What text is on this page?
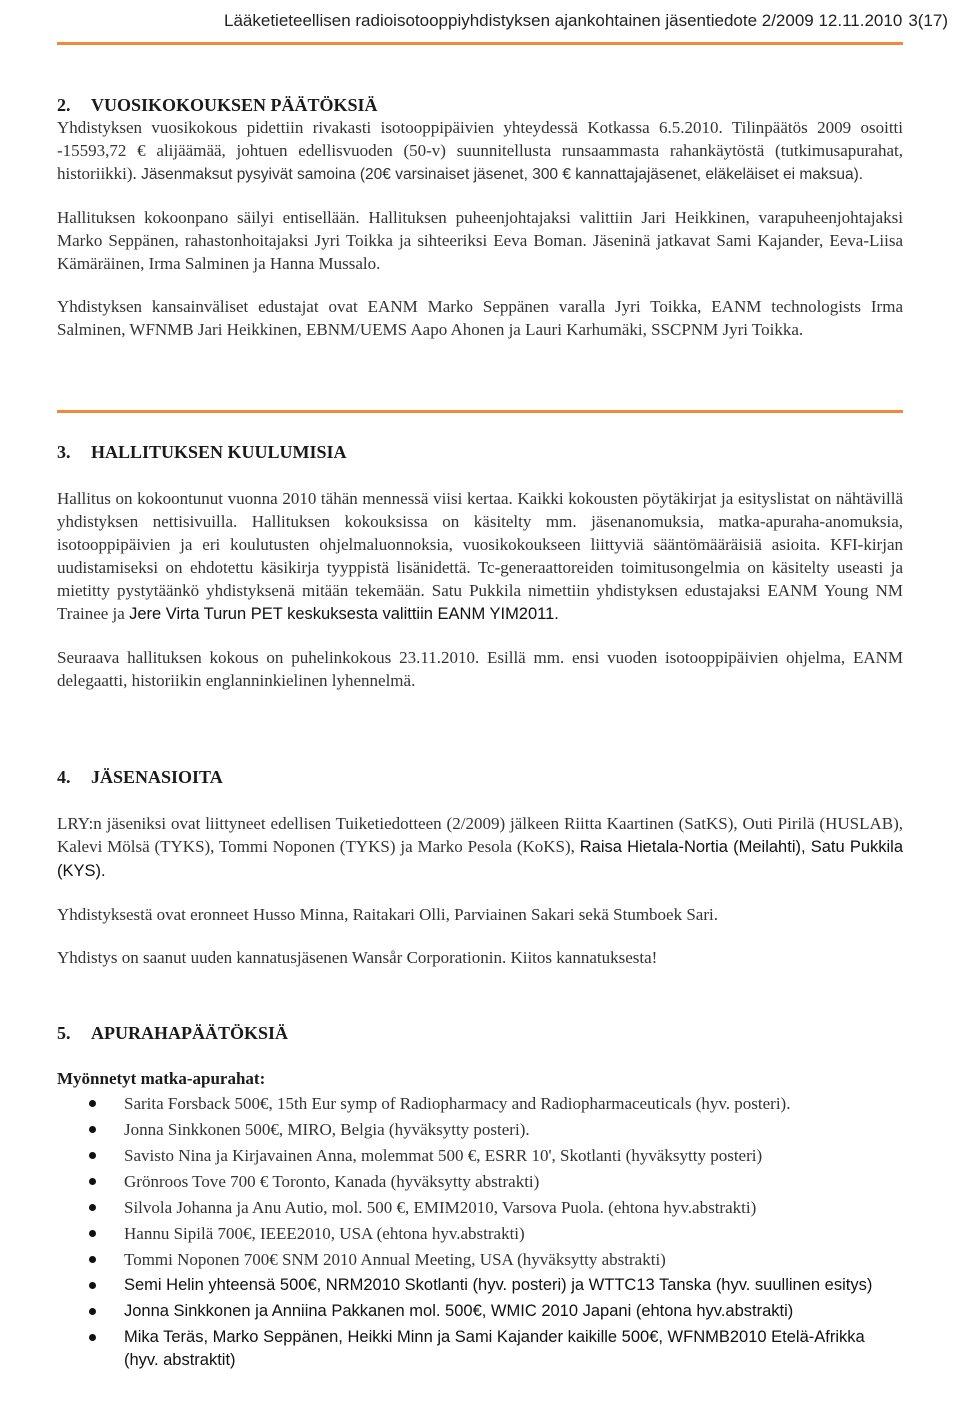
Lääketieteellisen radioisotooppiyhdistyksen ajankohtainen jäsentiedote 2/2009 12.11.2010 3(17)
2. VUOSIKOKOUKSEN PÄÄTÖKSIÄ

Yhdistyksen vuosikokous pidettiin rivakasti isotooppipäivien yhteydessä Kotkassa 6.5.2010. Tilinpäätös 2009 osoitti -15593,72 € alijäämää, johtuen edellisvuoden (50-v) suunnitellusta runsaammasta rahankäytöstä (tutkimusapurahat, historiikki). Jäsenmaksut pysyivät samoina (20€ varsinaiset jäsenet, 300 € kannattajajäsenet, eläkeläiset ei maksua).

Hallituksen kokoonpano säilyi entisellään. Hallituksen puheenjohtajaksi valittiin Jari Heikkinen, varapuheenjohtajaksi Marko Seppänen, rahastonhoitajaksi Jyri Toikka ja sihteeriksi Eeva Boman. Jäseninä jatkavat Sami Kajander, Eeva-Liisa Kämäräinen, Irma Salminen ja Hanna Mussalo.

Yhdistyksen kansainväliset edustajat ovat EANM Marko Seppänen varalla Jyri Toikka, EANM technologists Irma Salminen, WFNMB Jari Heikkinen, EBNM/UEMS Aapo Ahonen ja Lauri Karhumäki, SSCPNM Jyri Toikka.

3. HALLITUKSEN KUULUMISIA

Hallitus on kokoontunut vuonna 2010 tähän mennessä viisi kertaa. Kaikki kokousten pöytäkirjat ja esityslistat on nähtävillä yhdistyksen nettisivuilla. Hallituksen kokouksissa on käsitelty mm. jäsenanomuksia, matka-apuraha-anomuksia, isotooppipäivien ja eri koulutusten ohjelmaluonnoksia, vuosikokoukseen liittyviä sääntömääräisiä asioita. KFI-kirjan uudistamiseksi on ehdotettu käsikirja tyyppistä lisänidettä. Tc-generaattoreiden toimitusongelmia on käsitelty useasti ja mietitty pystytäänkö yhdistyksenä mitään tekemään. Satu Pukkila nimettiin yhdistyksen edustajaksi EANM Young NM Trainee ja Jere Virta Turun PET keskuksesta valittiin EANM YIM2011.

Seuraava hallituksen kokous on puhelinkokous 23.11.2010. Esillä mm. ensi vuoden isotooppipäivien ohjelma, EANM delegaatti, historiikin englanninkielinen lyhennelmä.

4. JÄSENASIOITA

LRY:n jäseniksi ovat liittyneet edellisen Tuiketiedotteen (2/2009) jälkeen Riitta Kaartinen (SatKS), Outi Pirilä (HUSLAB), Kalevi Mölsä (TYKS), Tommi Noponen (TYKS) ja Marko Pesola (KoKS), Raisa Hietala-Nortia (Meilahti), Satu Pukkila (KYS).

Yhdistyksestä ovat eronneet Husso Minna, Raitakari Olli, Parviainen Sakari sekä Stumboek Sari.

Yhdistys on saanut uuden kannatusjäsenen Wansår Corporationin. Kiitos kannatuksesta!

5. APURAHAPÄÄTÖKSIÄ

Myönnetyt matka-apurahat:

Sarita Forsback 500€, 15th Eur symp of Radiopharmacy and Radiopharmaceuticals (hyv. posteri).
Jonna Sinkkonen 500€, MIRO, Belgia (hyväksytty posteri).
Savisto Nina ja Kirjavainen Anna, molemmat 500 €, ESRR 10', Skotlanti (hyväksytty posteri)
Grönroos Tove 700 € Toronto, Kanada (hyväksytty abstrakti)
Silvola Johanna ja Anu Autio, mol. 500 €, EMIM2010, Varsova Puola. (ehtona hyv.abstrakti)
Hannu Sipilä 700€, IEEE2010, USA (ehtona hyv.abstrakti)
Tommi Noponen 700€ SNM 2010 Annual Meeting, USA (hyväksytty abstrakti)
Semi Helin yhteensä 500€, NRM2010 Skotlanti (hyv. posteri) ja WTTC13 Tanska (hyv. suullinen esitys)
Jonna Sinkkonen ja Anniina Pakkanen mol. 500€, WMIC 2010 Japani (ehtona hyv.abstrakti)
Mika Teräs, Marko Seppänen, Heikki Minn ja Sami Kajander kaikille 500€, WFNMB2010 Etelä-Afrikka (hyv. abstraktit)
